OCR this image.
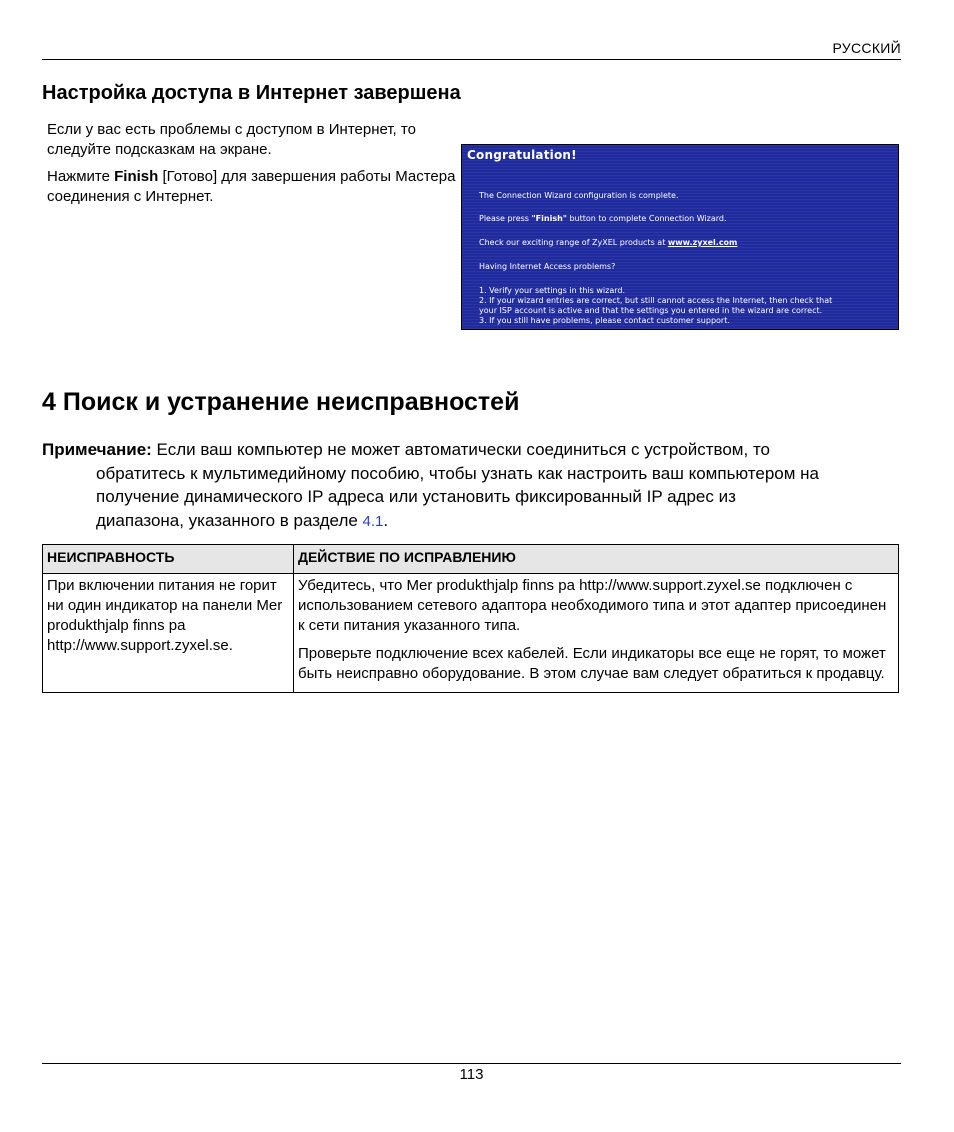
РУССКИЙ
Настройка доступа в Интернет завершена

Если у вас есть проблемы с доступом в Интернет, то следуйте подсказкам на экране.

Нажмите Finish [Готово] для завершения работы Мастера соединения с Интернет.

Congratulation!
The Connection Wizard configuration is complete.
Please press "Finish" button to complete Connection Wizard.
Check our exciting range of ZyXEL products at www.zyxel.com
Having Internet Access problems?
1. Verify your settings in this wizard.
2. If your wizard entries are correct, but still cannot access the Internet, then check that
your ISP account is active and that the settings you entered in the wizard are correct.
3. If you still have problems, please contact customer support.
4 Поиск и устранение неисправностей
Примечание: Если ваш компьютер не может автоматически соединиться с устройством, то
обратитесь к мультимедийному пособию, чтобы узнать как настроить ваш компьютером на
получение динамического IP адреса или установить фиксированный IP адрес из
диапазона, указанного в разделе 4.1.
НЕИСПРАВНОСТЬ	ДЕЙСТВИЕ ПО ИСПРАВЛЕНИЮ
При включении питания не горит ни один индикатор на панели Mer produkthjalp finns pa http://www.support.zyxel.se.	Убедитесь, что Mer produkthjalp finns pa http://www.support.zyxel.se подключен с использованием сетевого адаптора необходимого типа и этот адаптер присоединен к сети питания указанного типа.

Проверьте подключение всех кабелей. Если индикаторы все еще не горят, то может быть неисправно оборудование. В этом случае вам следует обратиться к продавцу.

113
